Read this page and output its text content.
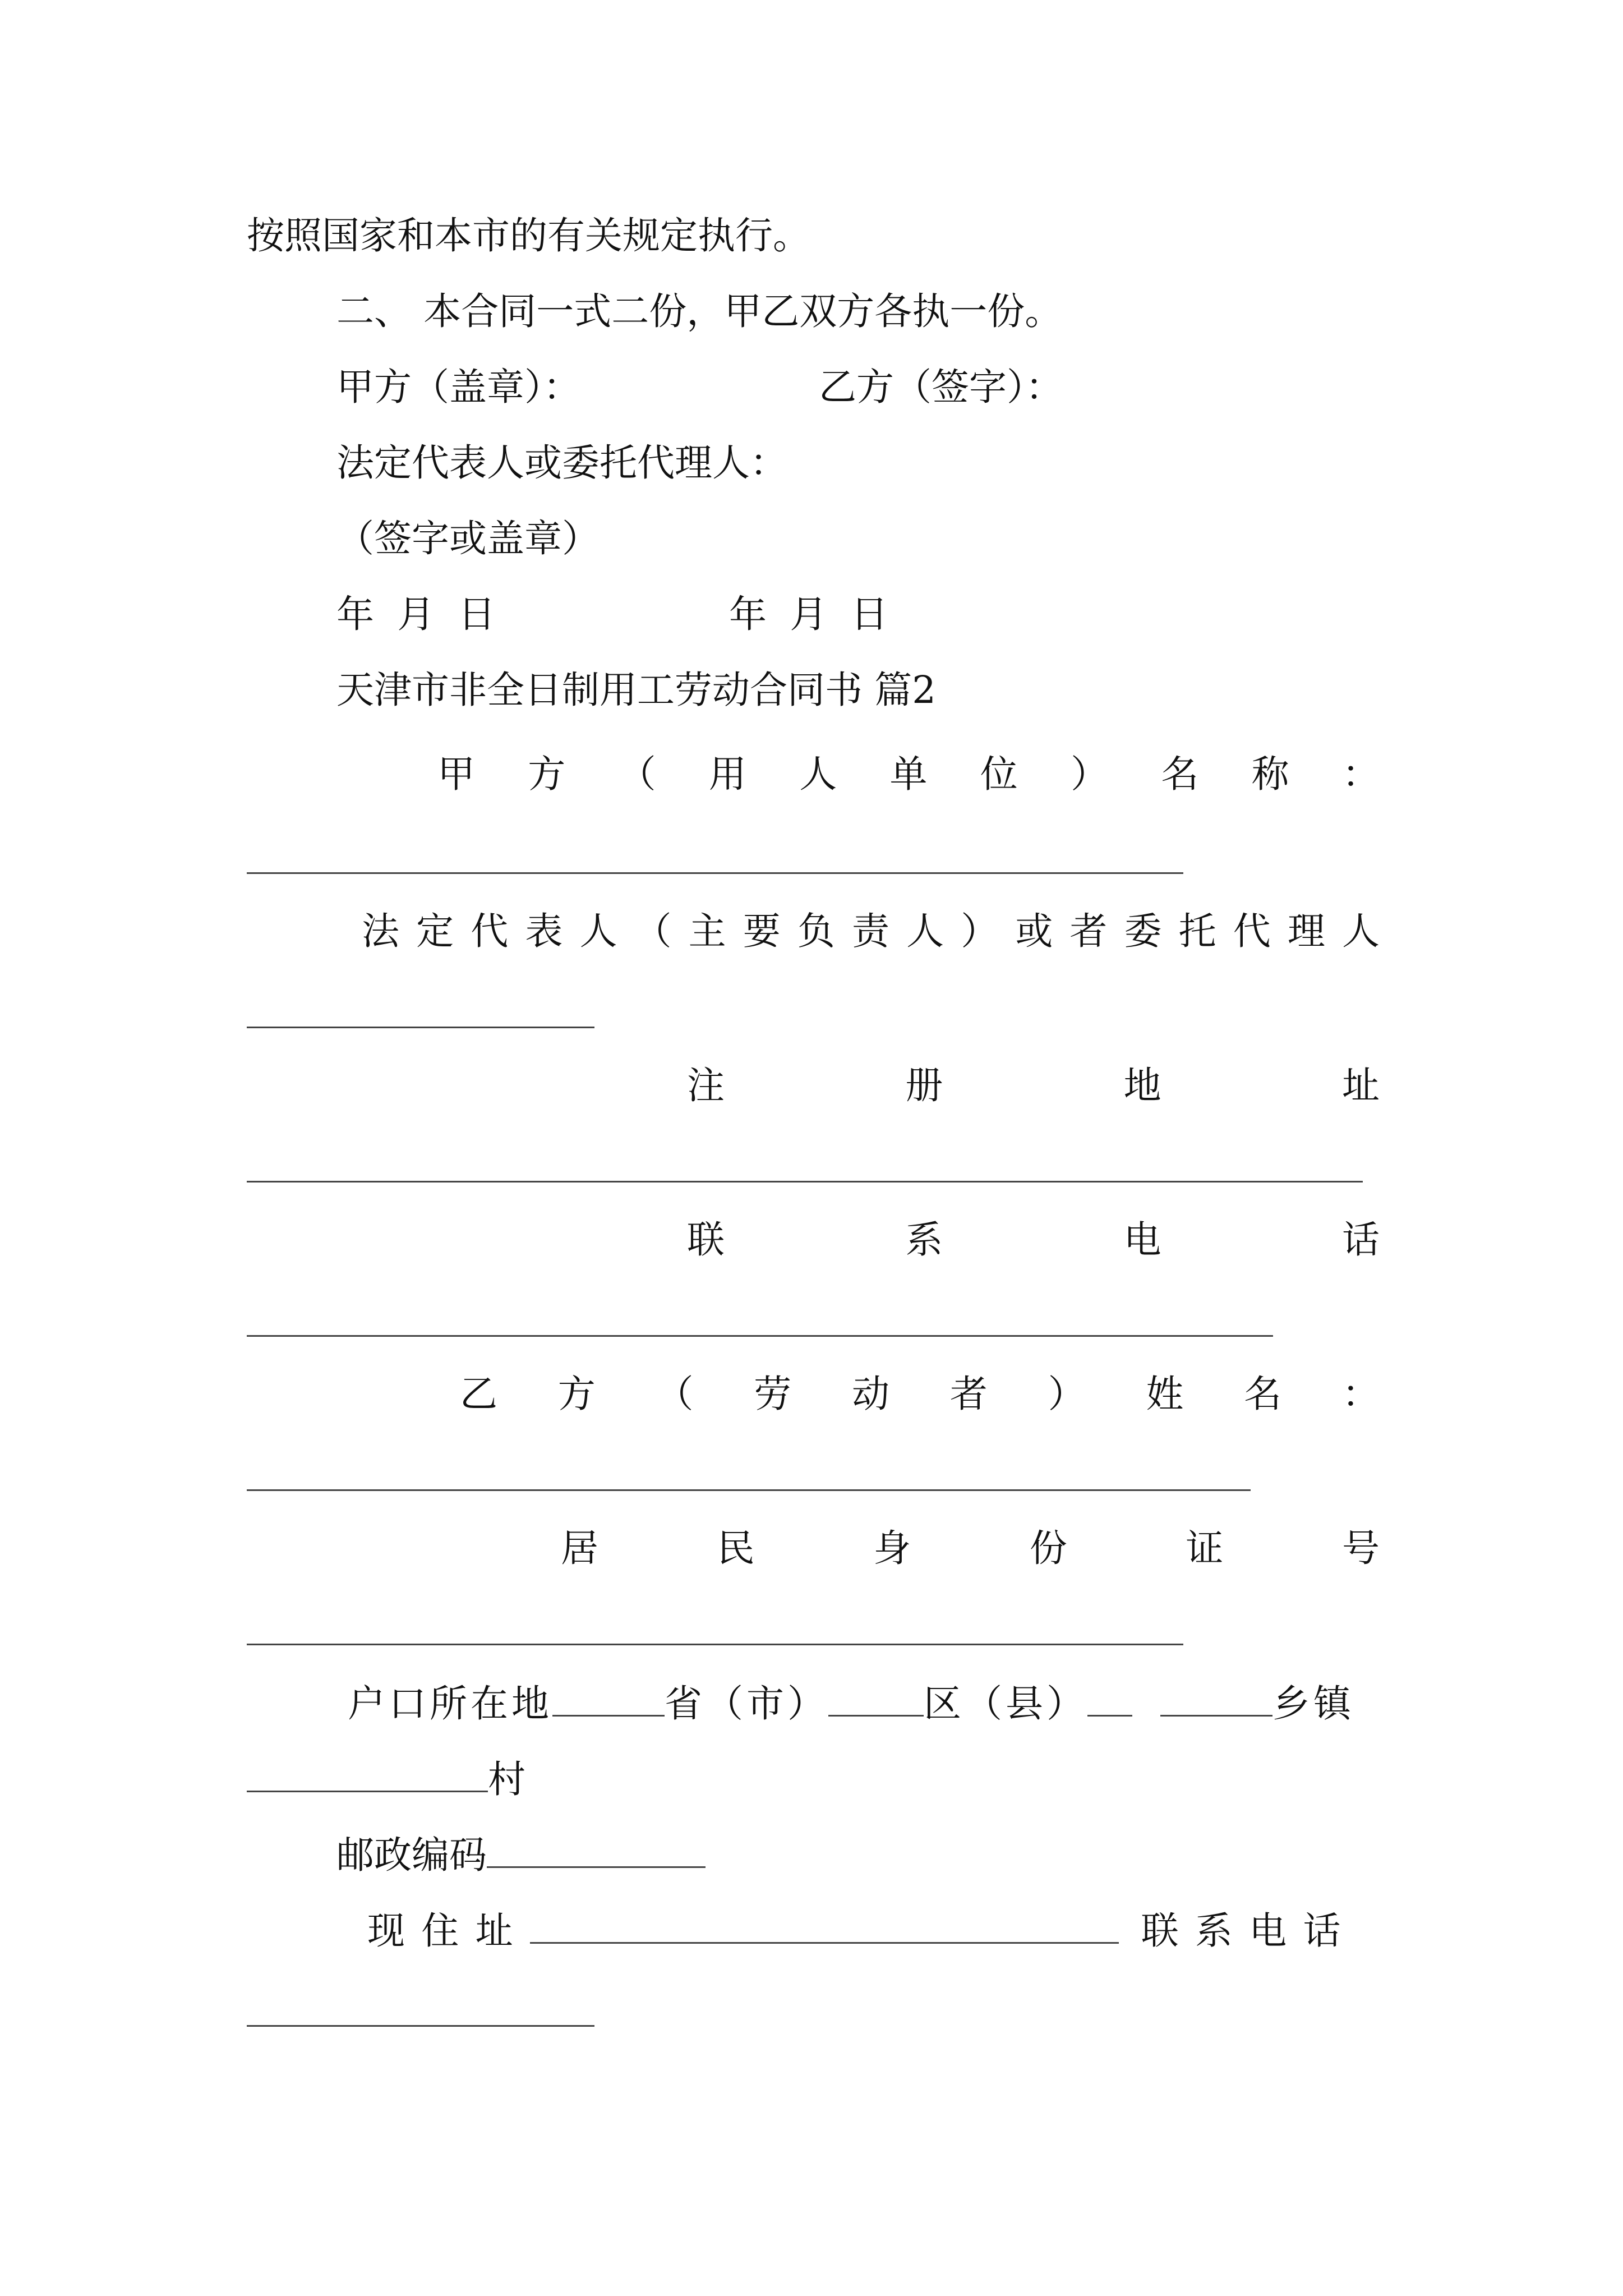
按照国家和本市的有关规定执行。
二、 本合同一式二份，甲乙双方各执一份。
甲方（盖章）：	乙方（签字）：
法定代表人或委托代理人：
（签字或盖章）
年 月 日	年 月 日
天津市非全日制用工劳动合同书 篇2
甲 方 （ 用 人 单 位 ） 名 称 ：
法 定 代 表 人 （ 主 要 负 责 人 ） 或 者 委 托 代 理 人
注	册	地	址
联	系	电	话
乙 方 （ 劳 动 者 ） 姓 名 ：
居	民	身	份	证	号
户口所在地	省（市）	区（县）	乡镇
村
邮政编码
现 住 址	联 系 电 话
